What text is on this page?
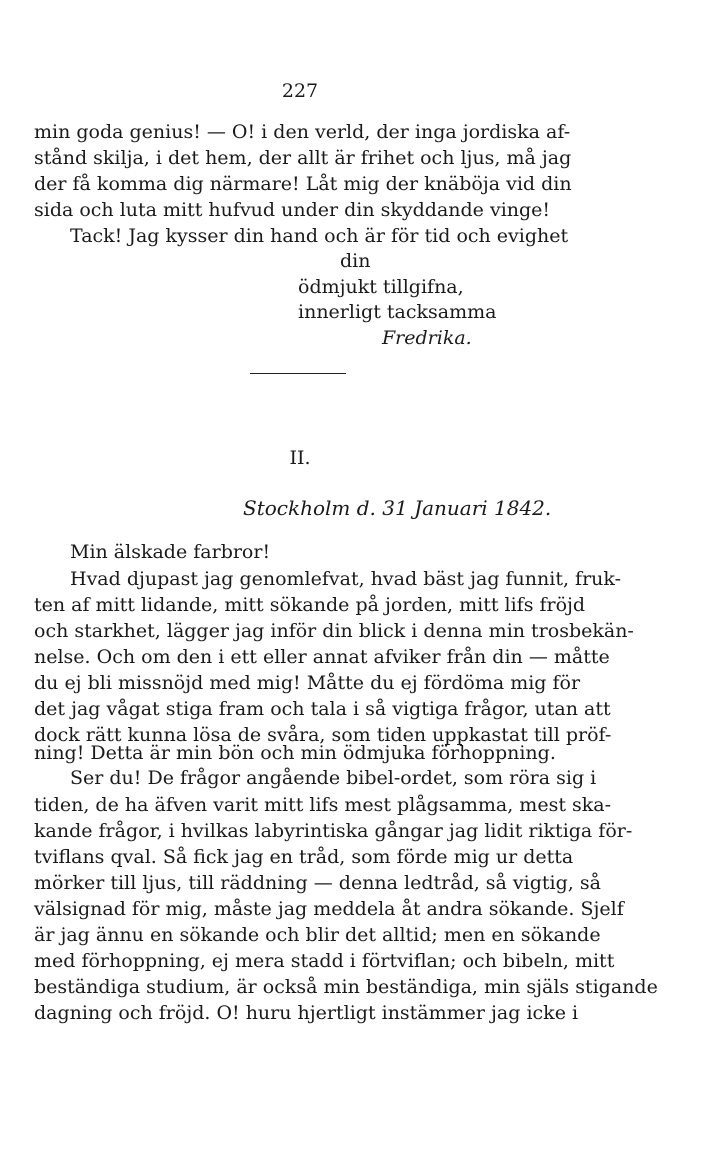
227
min goda genius! — O! i den verld, der inga jordiska af-
stånd skilja, i det hem, der allt är frihet och ljus, må jag
der få komma dig närmare! Låt mig der knäböja vid din
sida och luta mitt hufvud under din skyddande vinge!
Tack! Jag kysser din hand och är för tid och evighet
din
ödmjukt tillgifna,
innerligt tacksamma
Fredrika.
II.
Stockholm d. 31 Januari 1842.
Min älskade farbror!
Hvad djupast jag genomlefvat, hvad bäst jag funnit, fruk-
ten af mitt lidande, mitt sökande på jorden, mitt lifs fröjd
och starkhet, lägger jag inför din blick i denna min trosbekän-
nelse. Och om den i ett eller annat afviker från din — måtte
du ej bli missnöjd med mig! Måtte du ej fördöma mig för
det jag vågat stiga fram och tala i så vigtiga frågor, utan att
dock rätt kunna lösa de svåra, som tiden uppkastat till pröf-
ning! Detta är min bön och min ödmjuka förhoppning.
Ser du! De frågor angående bibel-ordet, som röra sig i
tiden, de ha äfven varit mitt lifs mest plågsamma, mest ska-
kande frågor, i hvilkas labyrintiska gångar jag lidit riktiga för-
tviflans qval. Så fick jag en tråd, som förde mig ur detta
mörker till ljus, till räddning — denna ledtråd, så vigtig, så
välsignad för mig, måste jag meddela åt andra sökande. Sjelf
är jag ännu en sökande och blir det alltid; men en sökande
med förhoppning, ej mera stadd i förtviflan; och bibeln, mitt
beständiga studium, är också min beständiga, min själs stigande
dagning och fröjd. O! huru hjertligt instämmer jag icke i
